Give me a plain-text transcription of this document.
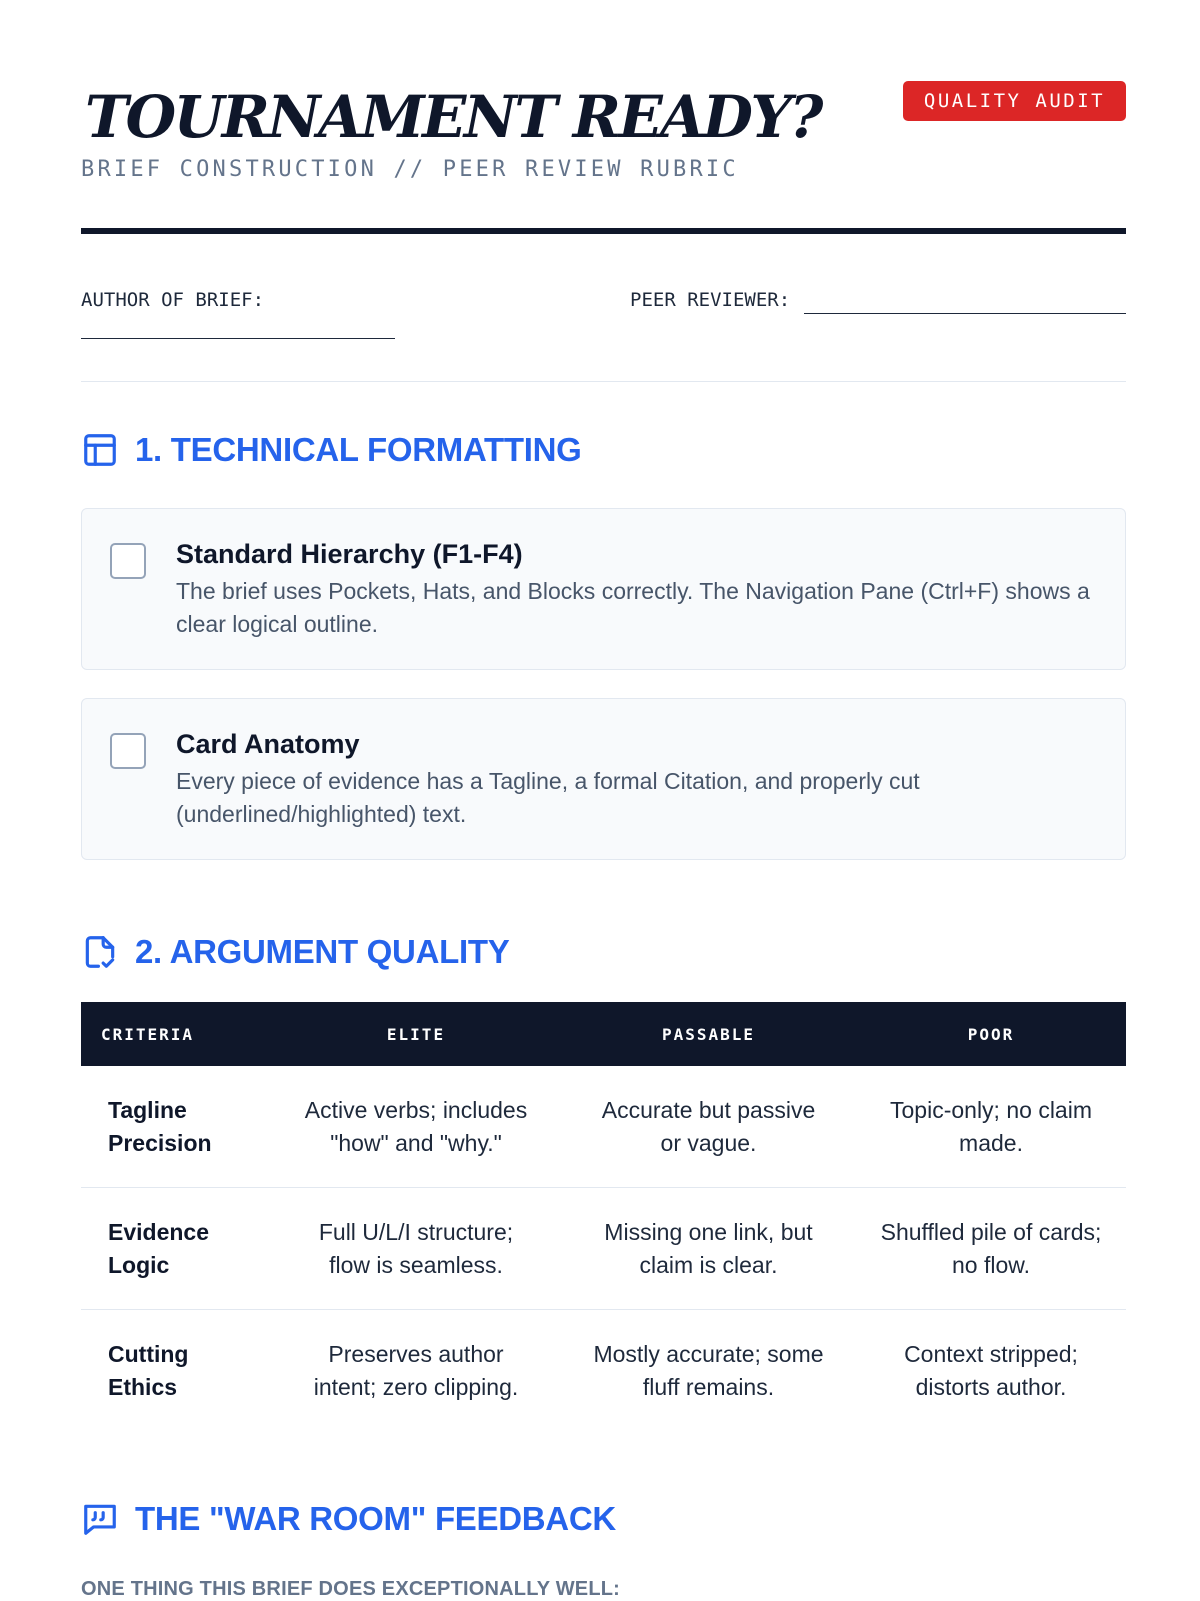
TOURNAMENT READY?
BRIEF CONSTRUCTION // PEER REVIEW RUBRIC
QUALITY AUDIT
AUTHOR OF BRIEF:	PEER REVIEWER:
1. TECHNICAL FORMATTING
Standard Hierarchy (F1-F4)
The brief uses Pockets, Hats, and Blocks correctly. The Navigation Pane (Ctrl+F) shows a clear logical outline.
Card Anatomy
Every piece of evidence has a Tagline, a formal Citation, and properly cut (underlined/highlighted) text.
2. ARGUMENT QUALITY
CRITERIA	ELITE	PASSABLE	POOR
Tagline Precision	Active verbs; includes "how" and "why."	Accurate but passive or vague.	Topic-only; no claim made.
Evidence Logic	Full U/L/I structure; flow is seamless.	Missing one link, but claim is clear.	Shuffled pile of cards; no flow.
Cutting Ethics	Preserves author intent; zero clipping.	Mostly accurate; some fluff remains.	Context stripped; distorts author.
THE "WAR ROOM" FEEDBACK
ONE THING THIS BRIEF DOES EXCEPTIONALLY WELL:
